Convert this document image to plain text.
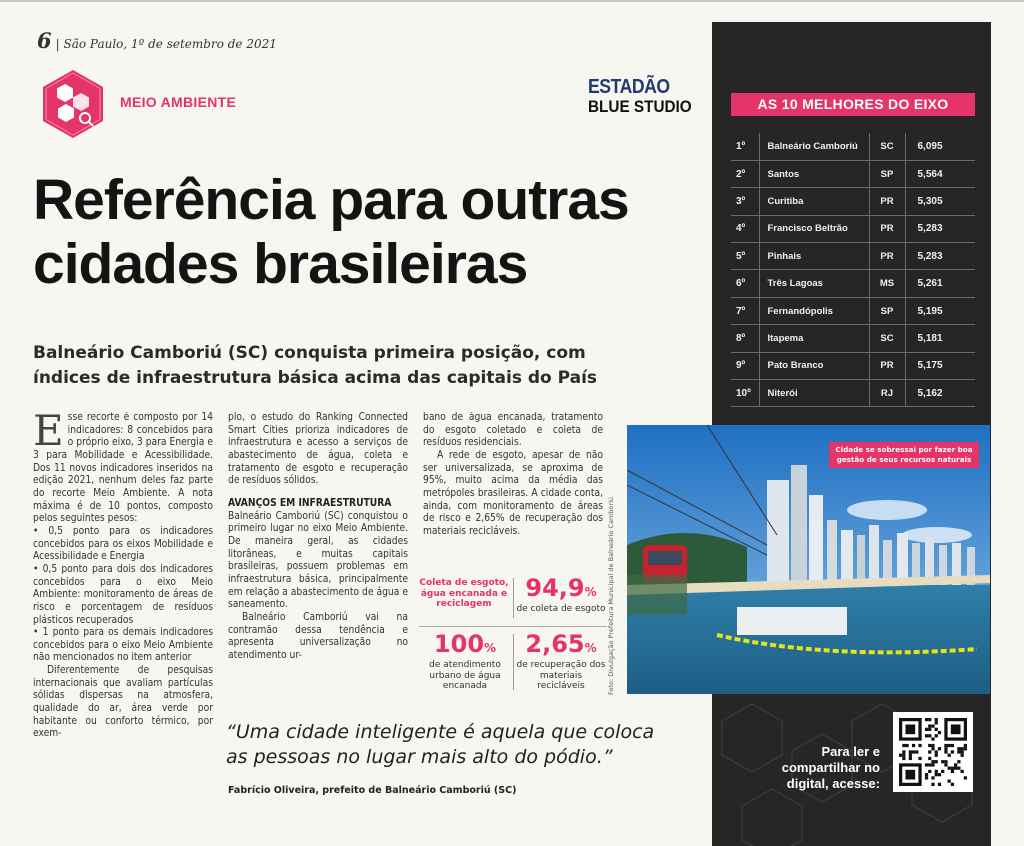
6 | São Paulo, 1º de setembro de 2021
MEIO AMBIENTE
ESTADÃO
BLUE STUDIO
Referência para outras
cidades brasileiras
Balneário Camboriú (SC) conquista primeira posição, com
índices de infraestrutura básica acima das capitais do País

Esse recorte é composto por 14 indicadores: 8 concebidos para o próprio eixo, 3 para Energia e 3 para Mobilidade e Acessibilidade. Dos 11 novos indicadores inseridos na edição 2021, nenhum deles faz parte do recorte Meio Ambiente. A nota máxima é de 10 pontos, composto pelos seguintes pesos:

• 0,5 ponto para os indicadores concebidos para os eixos Mobilidade e Acessibilidade e Energia

• 0,5 ponto para dois dos indicadores concebidos para o eixo Meio Ambiente: monitoramento de áreas de risco e porcentagem de resíduos plásticos recuperados

• 1 ponto para os demais indicadores concebidos para o eixo Meio Ambiente não mencionados no item anterior

Diferentemente de pesquisas internacionais que avaliam partículas sólidas dispersas na atmosfera, qualidade do ar, área verde por habitante ou conforto térmico, por exem-

plo, o estudo do Ranking Connected Smart Cities prioriza indicadores de infraestrutura e acesso a serviços de abastecimento de água, coleta e tratamento de esgoto e recuperação de resíduos sólidos.

AVANÇOS EM INFRAESTRUTURA

Balneário Camboriú (SC) conquistou o primeiro lugar no eixo Meio Ambiente. De maneira geral, as cidades litorâneas, e muitas capitais brasileiras, possuem problemas em infraestrutura básica, principalmente em relação a abastecimento de água e saneamento.

Balneário Camboriú vai na contramão dessa tendência e apresenta universalização no atendimento ur-

bano de água encanada, tratamento do esgoto coletado e coleta de resíduos residenciais.

A rede de esgoto, apesar de não ser universalizada, se aproxima de 95%, muito acima da média das metrópoles brasileiras. A cidade conta, ainda, com monitoramento de áreas de risco e 2,65% de recuperação dos materiais recicláveis.

Coleta de esgoto, água encanada e reciclagem
94,9%
de coleta de esgoto
100%
de atendimento urbano de água encanada
2,65%
de recuperação dos materiais recicláveis
AS 10 MELHORES DO EIXO
1º	Balneário Camboriú	SC	6,095
2º	Santos	SP	5,564
3º	Curitiba	PR	5,305
4º	Francisco Beltrão	PR	5,283
5º	Pinhais	PR	5,283
6º	Três Lagoas	MS	5,261
7º	Fernandópolis	SP	5,195
8º	Itapema	SC	5,181
9º	Pato Branco	PR	5,175
10º	Niterói	RJ	5,162
Cidade se sobressai por fazer boa gestão de seus recursos naturais
Foto: Divulgação Prefeitura Municipal de Balneário Camboriú
“Uma cidade inteligente é aquela que coloca
as pessoas no lugar mais alto do pódio.”
Fabrício Oliveira, prefeito de Balneário Camboriú (SC)
Para ler e
compartilhar no
digital, acesse:
